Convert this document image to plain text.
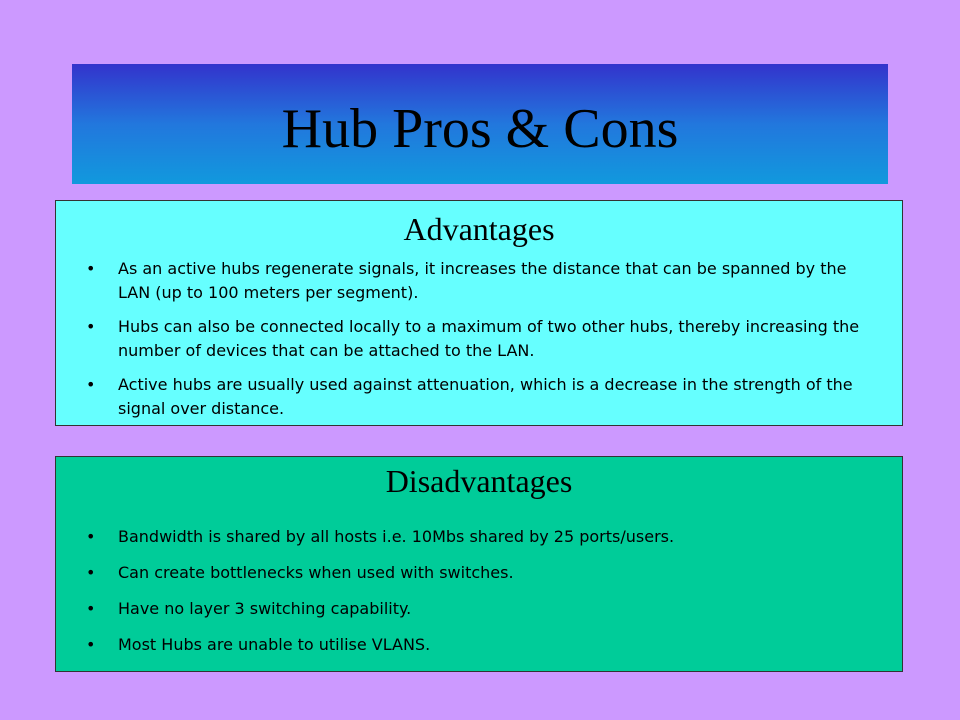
Hub Pros & Cons
Advantages
• As an active hubs regenerate signals, it increases the distance that can be spanned by the LAN (up to 100 meters per segment).
• Hubs can also be connected locally to a maximum of two other hubs, thereby increasing the number of devices that can be attached to the LAN.
• Active hubs are usually used against attenuation, which is a decrease in the strength of the signal over distance.
Disadvantages
• Bandwidth is shared by all hosts i.e. 10Mbs shared by 25 ports/users.
• Can create bottlenecks when used with switches.
• Have no layer 3 switching capability.
• Most Hubs are unable to utilise VLANS.
